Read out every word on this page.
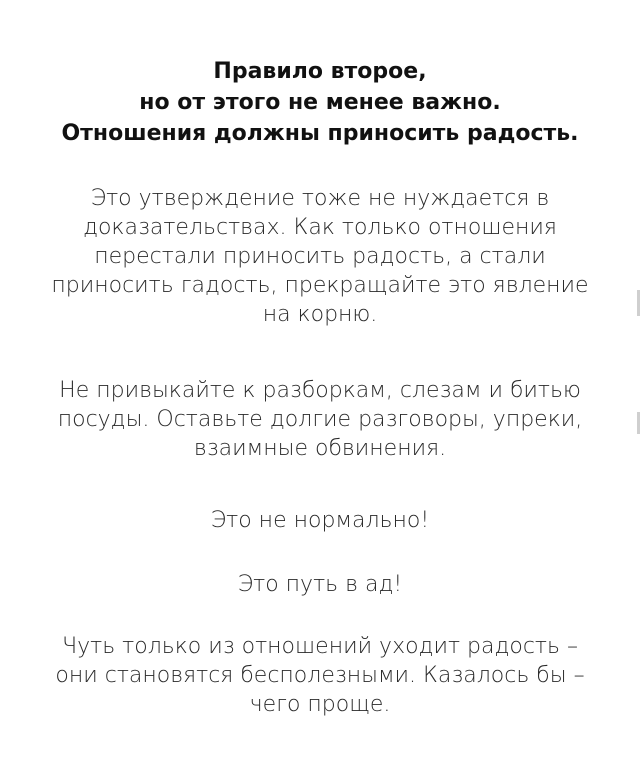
Правило второе,
но от этого не менее важно.
Отношения должны приносить радость.

Это утверждение тоже не нуждается в
доказательствах. Как только отношения
перестали приносить радость, а стали
приносить гадость, прекращайте это явление
на корню.

Не привыкайте к разборкам, слезам и битью
посуды. Оставьте долгие разговоры, упреки,
взаимные обвинения.

Это не нормально!

Это путь в ад!

Чуть только из отношений уходит радость –
они становятся бесполезными. Казалось бы –
чего проще.
